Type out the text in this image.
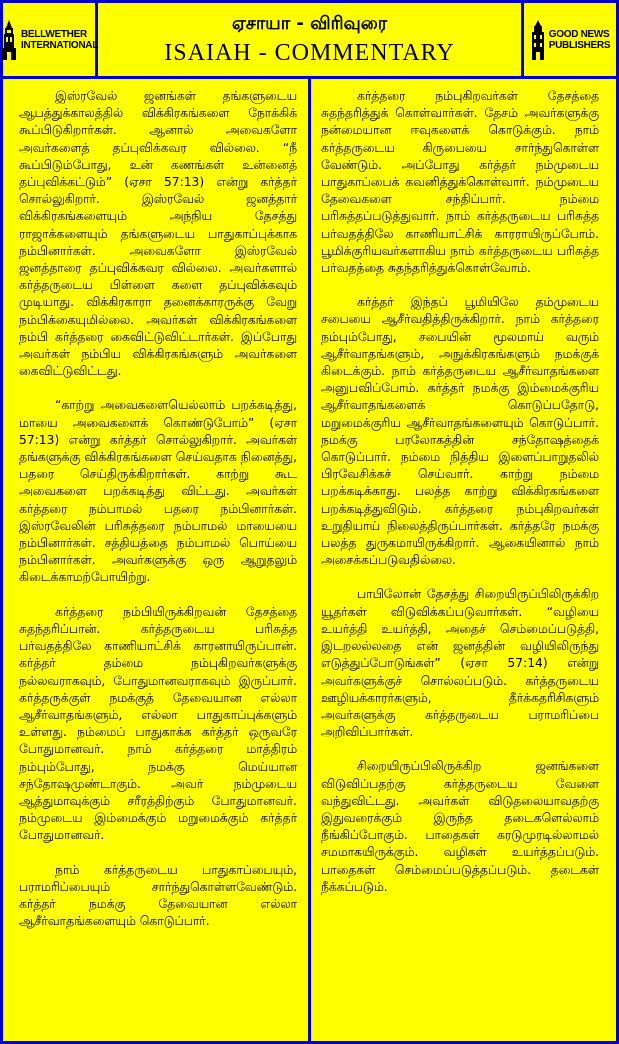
BELLWETHER
INTERNATIONAL
ஏசாயா - விரிவுரை
ISAIAH - COMMENTARY
GOOD NEWS
PUBLISHERS

இஸ்ரவேல் ஜனங்கள் தங்களுடைய ஆபத்துக்காலத்தில் விக்கிரகங்களை நோக்கிக் கூப்பிடுகிறார்கள். ஆனால் அவைகளோ அவர்களைத் தப்புவிக்கவர வில்லை. “நீ கூப்பிடும்போது, உன் கணங்கள் உன்னைத் தப்புவிக்கட்டும்” (ஏசா 57:13) என்று கர்த்தர் சொல்லுகிறார். இஸ்ரவேல் ஜனத்தார் விக்கிரகங்களையும் அந்நிய தேசத்து ராஜாக்களையும் தங்களுடைய பாதுகாப்புக்காக நம்பினார்கள். அவைகளோ இஸ்ரவேல் ஜனத்தாரை தப்புவிக்கவர வில்லை. அவர்களால் கர்த்தருடைய பிள்ளை களை தப்புவிக்கவும் முடியாது. விக்கிரகாரா தனைக்காரருக்கு வேறு நம்பிக்கையுமில்லை. அவர்கள் விக்கிரகங்களை நம்பி கர்த்தரை கைவிட்டுவிட்டார்கள். இப்போது அவர்கள் நம்பிய விக்கிரகங்களும் அவர்களை கைவிட்டுவிட்டது.

“காற்று அவைகளையெல்லாம் பறக்கடித்து, மாயை அவைகளைக் கொண்டுபோம்” (ஏசா 57:13) என்று கர்த்தர் சொல்லுகிறார். அவர்கள் தங்களுக்கு விக்கிரகங்களை செய்வதாக நினைத்து, பதரை செய்திருக்கிறார்கள். காற்று கூட அவைகளை பறக்கடித்து விட்டது. அவர்கள் கர்த்தரை நம்பாமல் பதரை நம்பினார்கள். இஸ்ரவேலின் பரிசுத்தரை நம்பாமல் மாயையை நம்பினார்கள். சத்தியத்தை நம்பாமல் பொய்யை நம்பினார்கள். அவர்களுக்கு ஒரு ஆறுதலும் கிடைக்காமற்போயிற்று.

கர்த்தரை நம்பியிருக்கிறவன் தேசத்தை சுதந்தரிப்பான். கர்த்தருடைய பரிசுத்த பர்வதத்திலே காணியாட்சிக் காரனாயிருப்பான். கர்த்தர் தம்மை நம்புகிறவர்களுக்கு நல்லவராகவும், போதுமானவராகவும் இருப்பார். கர்த்தருக்குள் நமக்குத் தேவையான எல்லா ஆசீர்வாதங்களும், எல்லா பாதுகாப்புக்களும் உள்ளது. நம்மைப் பாதுகாக்க கர்த்தர் ஒருவரே போதுமானவர். நாம் கர்த்தரை மாத்திரம் நம்பும்போது, நமக்கு மெய்யான சந்தோஷமுண்டாகும். அவர் நம்முடைய ஆத்துமாவுக்கும் சரீரத்திற்கும் போதுமானவர். நம்முடைய இம்மைக்கும் மறுமைக்கும் கர்த்தர் போதுமானவர்.

நாம் கர்த்தருடைய பாதுகாப்பையும், பராமரிப்பையும் சார்ந்துகொள்ளவேண்டும். கர்த்தர் நமக்கு தேவையான எல்லா ஆசீர்வாதங்களையும் கொடுப்பார்.

கர்த்தரை நம்புகிறவர்கள் தேசத்தை சுதந்தரித்துக் கொள்வார்கள். தேசம் அவர்களுக்கு நன்மையான ஈவுகளைக் கொடுக்கும். நாம் கர்த்தருடைய கிருபையை சார்ந்துகொள்ள வேண்டும். அப்போது கர்த்தர் நம்முடைய பாதுகாப்பைக் கவனித்துக்கொள்வார். நம்முடைய தேவைகளை சந்திப்பார். நம்மை பரிசுத்தப்படுத்துவார். நாம் கர்த்தருடைய பரிசுத்த பர்வதத்திலே காணியாட்சிக் காரராயிருப்போம். பூமிக்குரியவர்களாகிய நாம் கர்த்தருடைய பரிசுத்த பர்வதத்தை சுதந்தரித்துக்கொள்வோம்.

கர்த்தர் இந்தப் பூமியிலே தம்முடைய சபையை ஆசீர்வதித்திருக்கிறார். நாம் கர்த்தரை நம்பும்போது, சபையின் மூலமாய் வரும் ஆசீர்வாதங்களும், அநுக்கிரகங்களும் நமக்குக் கிடைக்கும். நாம் கர்த்தருடைய ஆசீர்வாதங்களை அனுபவிப்போம். கர்த்தர் நமக்கு இம்மைக்குரிய ஆசீர்வாதங்களைக் கொடுப்பதோடு, மறுமைக்குரிய ஆசீர்வாதங்களையும் கொடுப்பார். நமக்கு பரலோகத்தின் சந்தோஷத்தைக் கொடுப்பார். நம்மை நித்திய இளைப்பாறுதலில் பிரவேசிக்கச் செய்வார். காற்று நம்மை பறக்கடிக்காது. பலத்த காற்று விக்கிரகங்களை பறக்கடித்துவிடும். கர்த்தரை நம்புகிறவர்கள் உறுதியாய் நிலைத்திருப்பார்கள். கர்த்தரே நமக்கு பலத்த துருகமாயிருக்கிறார். ஆகையினால் நாம் அசைக்கப்படுவதில்லை.

பாபிலோன் தேசத்து சிறையிருப்பிலிருக்கிற யூதர்கள் விடுவிக்கப்படுவார்கள். “வழியை உயர்த்தி உயர்த்தி, அதைச் செம்மைப்படுத்தி, இடறலல்லதை என் ஜனத்தின் வழியிலிருந்து எடுத்துப்போடுங்கள்” (ஏசா 57:14) என்று அவர்களுக்குச் சொல்லப்படும். கர்த்தருடைய ஊழியக்காரர்களும், தீர்க்கதரிசிகளும் அவர்களுக்கு கர்த்தருடைய பராமரிப்பை அறிவிப்பார்கள்.

சிறையிருப்பிலிருக்கிற ஜனங்களை விடுவிப்பதற்கு கர்த்தருடைய வேளை வந்துவிட்டது. அவர்கள் விடுதலையாவதற்கு இதுவரைக்கும் இருந்த தடைகளெல்லாம் நீங்கிப்போகும். பாதைகள் கரடுமுரடில்லாமல் சமமாகயிருக்கும். வழிகள் உயர்த்தப்படும். பாதைகள் செம்மைப்படுத்தப்படும். தடைகள் நீக்கப்படும்.
